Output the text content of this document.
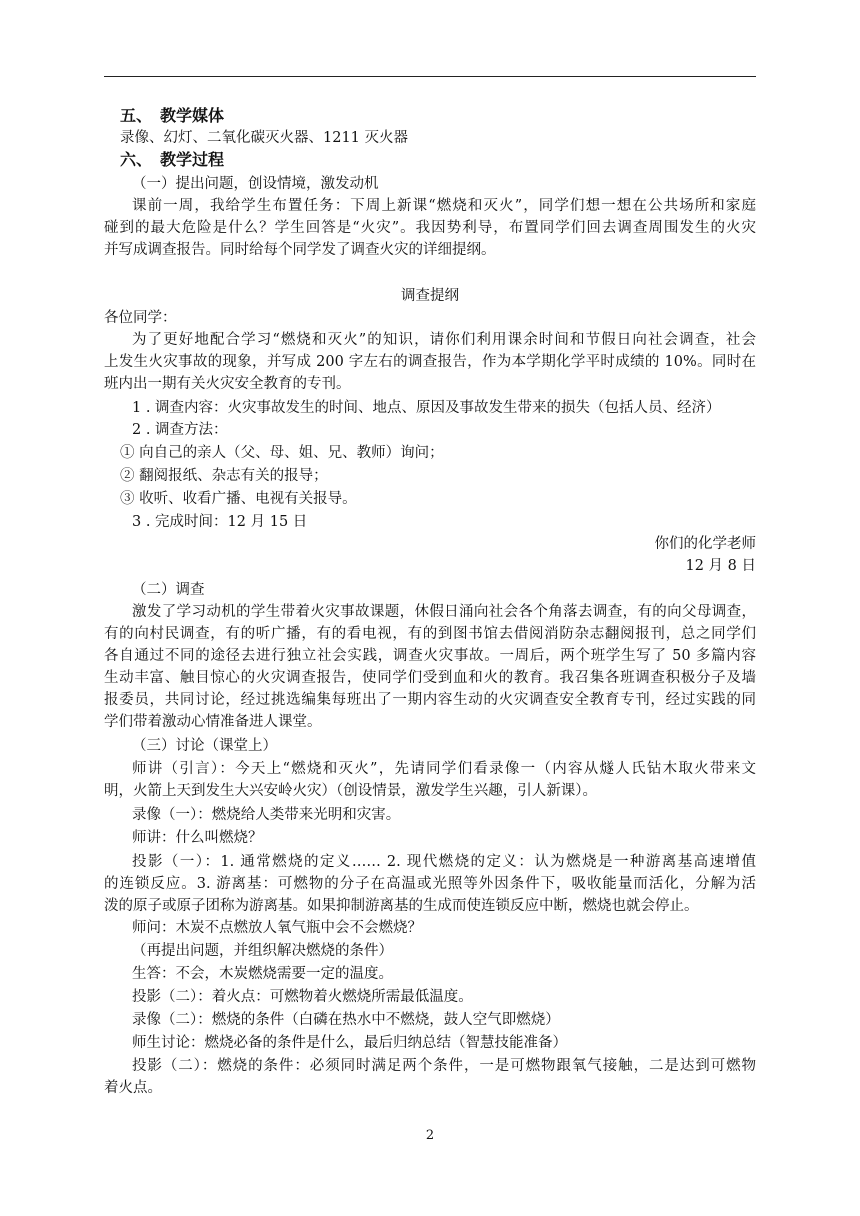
五、　教学媒体
录像、幻灯、二氧化碳灭火器、1211 灭火器
六、　教学过程
（一）提出问题，创设情境，激发动机
课前一周，我给学生布置任务：下周上新课“燃烧和灭火”，同学们想一想在公共场所和家庭
碰到的最大危险是什么？学生回答是“火灾”。我因势利导，布置同学们回去调查周围发生的火灾
并写成调查报告。同时给每个同学发了调查火灾的详细提纲。
调查提纲
各位同学：
为了更好地配合学习“燃烧和灭火”的知识，请你们利用课余时间和节假日向社会调查，社会
上发生火灾事故的现象，并写成 200 字左右的调查报告，作为本学期化学平时成绩的 10%。同时在
班内出一期有关火灾安全教育的专刊。
1 . 调查内容：火灾事故发生的时间、地点、原因及事故发生带来的损失（包括人员、经济）
2 . 调查方法：
① 向自己的亲人（父、母、姐、兄、教师）询问；
② 翻阅报纸、杂志有关的报导；
③ 收听、收看广播、电视有关报导。
3 . 完成时间：12 月 15 日
你们的化学老师
12 月 8 日
（二）调查
激发了学习动机的学生带着火灾事故课题，休假日涌向社会各个角落去调查，有的向父母调查，
有的向村民调查，有的听广播，有的看电视，有的到图书馆去借阅消防杂志翻阅报刊，总之同学们
各自通过不同的途径去进行独立社会实践，调查火灾事故。一周后，两个班学生写了 50 多篇内容
生动丰富、触目惊心的火灾调查报告，使同学们受到血和火的教育。我召集各班调查积极分子及墙
报委员，共同讨论，经过挑选编集每班出了一期内容生动的火灾调查安全教育专刊，经过实践的同
学们带着激动心情准备进人课堂。
（三）讨论（课堂上）
师讲（引言）：今天上“燃烧和灭火”，先请同学们看录像一（内容从燧人氏钻木取火带来文
明，火箭上天到发生大兴安岭火灾）（创设情景，激发学生兴趣，引人新课）。
录像（一）：燃烧给人类带来光明和灾害。
师讲：什么叫燃烧？
投影（一）：1. 通常燃烧的定义…… 2. 现代燃烧的定义：认为燃烧是一种游离基高速增值
的连锁反应。3. 游离基：可燃物的分子在高温或光照等外因条件下，吸收能量而活化，分解为活
泼的原子或原子团称为游离基。如果抑制游离基的生成而使连锁反应中断，燃烧也就会停止。
师问：木炭不点燃放人氧气瓶中会不会燃烧？
（再提出问题，并组织解决燃烧的条件）
生答：不会，木炭燃烧需要一定的温度。
投影（二）：着火点：可燃物着火燃烧所需最低温度。
录像（二）：燃烧的条件（白磷在热水中不燃烧，鼓人空气即燃烧）
师生讨论：燃烧必备的条件是什么，最后归纳总结（智慧技能准备）
投影（二）：燃烧的条件：必须同时满足两个条件，一是可燃物跟氧气接触，二是达到可燃物
着火点。
2
